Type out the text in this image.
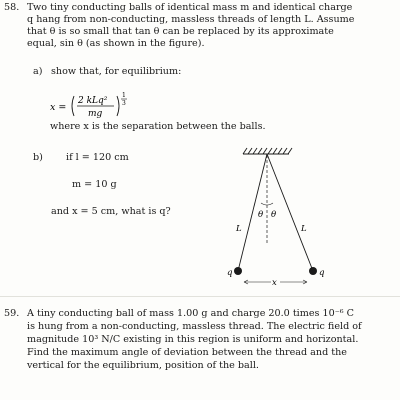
58. Two tiny conducting balls of identical mass m and identical charge
q hang from non-conducting, massless threads of length L. Assume
that θ is so small that tan θ can be replaced by its approximate
equal, sin θ (as shown in the figure).
a) show that, for equilibrium:
x =
2 kLq²
mg
1
3
where x is the separation between the balls.
b) if l = 120 cm
m = 10 g
and x = 5 cm, what is q?	θ θ
L	L
q	q
x
59. A tiny conducting ball of mass 1.00 g and charge 20.0 times 10⁻⁶ C
is hung from a non-conducting, massless thread. The electric field of
magnitude 10³ N/C existing in this region is uniform and horizontal.
Find the maximum angle of deviation between the thread and the
vertical for the equilibrium, position of the ball.
